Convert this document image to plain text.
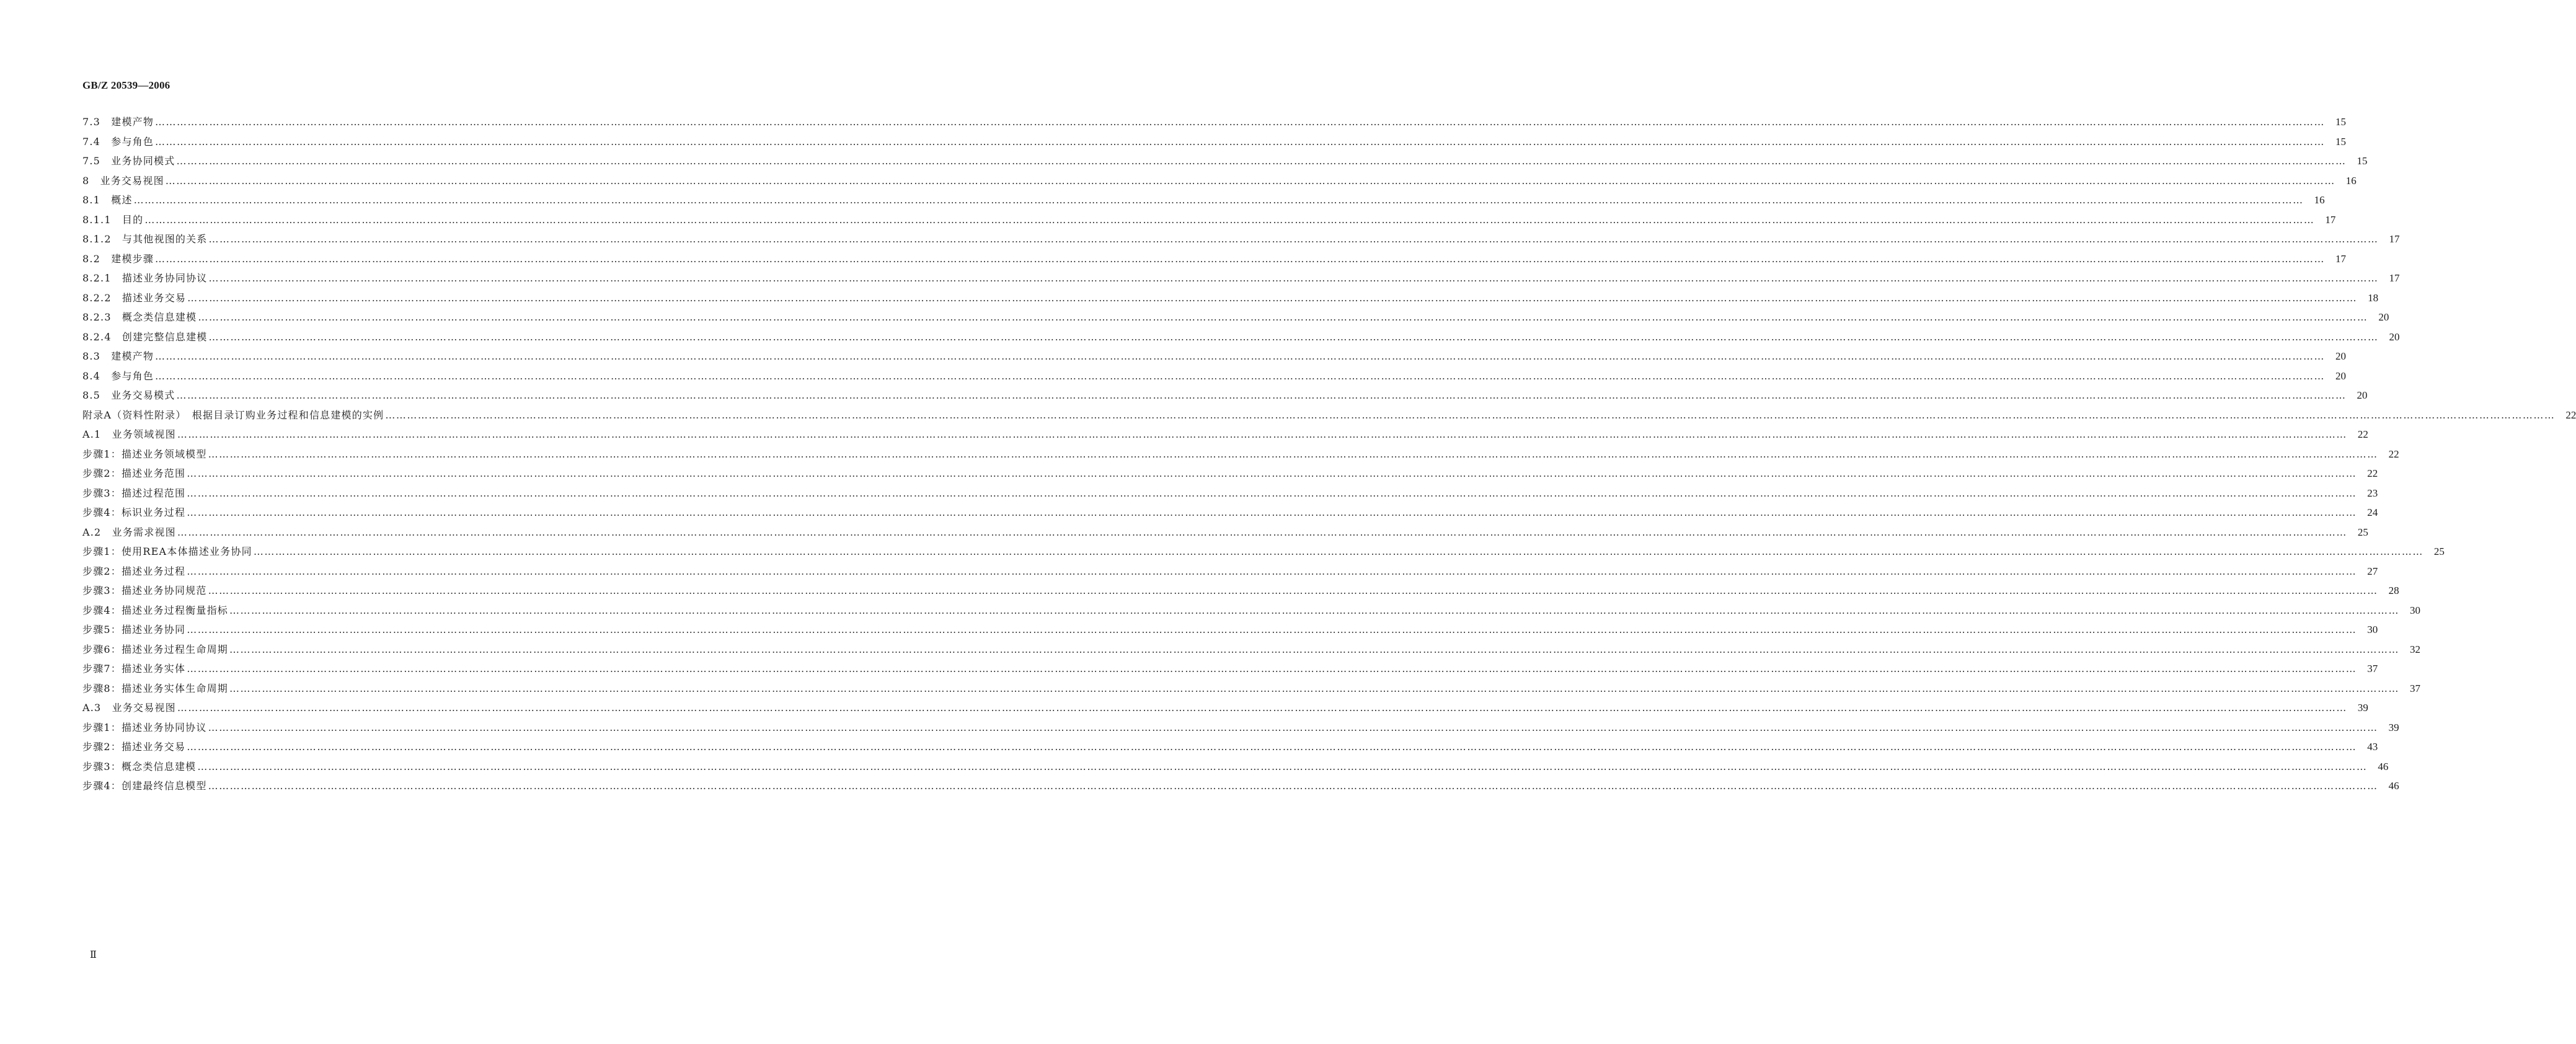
GB/Z 20539—2006
7.3　建模产物 ……………………………………………………………………………………………………………………………………………………………………………………………………………………………………………………………………………………………………………………………………………………………………………………………………………………………………………………………………………………………………………………………………………………	15
7.4　参与角色 ……………………………………………………………………………………………………………………………………………………………………………………………………………………………………………………………………………………………………………………………………………………………………………………………………………………………………………………………………………………………………………………………………………………	15
7.5　业务协同模式 ……………………………………………………………………………………………………………………………………………………………………………………………………………………………………………………………………………………………………………………………………………………………………………………………………………………………………………………………………………………………………………………………………………………	15
8　业务交易视图 ……………………………………………………………………………………………………………………………………………………………………………………………………………………………………………………………………………………………………………………………………………………………………………………………………………………………………………………………………………………………………………………………………………………	16
8.1　概述 ……………………………………………………………………………………………………………………………………………………………………………………………………………………………………………………………………………………………………………………………………………………………………………………………………………………………………………………………………………………………………………………………………………………	16
8.1.1　目的 ……………………………………………………………………………………………………………………………………………………………………………………………………………………………………………………………………………………………………………………………………………………………………………………………………………………………………………………………………………………………………………………………………………………	17
8.1.2　与其他视图的关系 ……………………………………………………………………………………………………………………………………………………………………………………………………………………………………………………………………………………………………………………………………………………………………………………………………………………………………………………………………………………………………………………………………………………	17
8.2　建模步骤 ……………………………………………………………………………………………………………………………………………………………………………………………………………………………………………………………………………………………………………………………………………………………………………………………………………………………………………………………………………………………………………………………………………………	17
8.2.1　描述业务协同协议 ……………………………………………………………………………………………………………………………………………………………………………………………………………………………………………………………………………………………………………………………………………………………………………………………………………………………………………………………………………………………………………………………………………………	17
8.2.2　描述业务交易 ……………………………………………………………………………………………………………………………………………………………………………………………………………………………………………………………………………………………………………………………………………………………………………………………………………………………………………………………………………………………………………………………………………………	18
8.2.3　概念类信息建模 ……………………………………………………………………………………………………………………………………………………………………………………………………………………………………………………………………………………………………………………………………………………………………………………………………………………………………………………………………………………………………………………………………………………	20
8.2.4　创建完整信息建模 ……………………………………………………………………………………………………………………………………………………………………………………………………………………………………………………………………………………………………………………………………………………………………………………………………………………………………………………………………………………………………………………………………………………	20
8.3　建模产物 ……………………………………………………………………………………………………………………………………………………………………………………………………………………………………………………………………………………………………………………………………………………………………………………………………………………………………………………………………………………………………………………………………………………	20
8.4　参与角色 ……………………………………………………………………………………………………………………………………………………………………………………………………………………………………………………………………………………………………………………………………………………………………………………………………………………………………………………………………………………………………………………………………………………	20
8.5　业务交易模式 ……………………………………………………………………………………………………………………………………………………………………………………………………………………………………………………………………………………………………………………………………………………………………………………………………………………………………………………………………………………………………………………………………………………	20
附录A（资料性附录）　根据目录订购业务过程和信息建模的实例 ……………………………………………………………………………………………………………………………………………………………………………………………………………………………………………………………………………………………………………………………………………………………………………………………………………………………………………………………………………………………………………………………………………………	22
A.1　业务领域视图 ……………………………………………………………………………………………………………………………………………………………………………………………………………………………………………………………………………………………………………………………………………………………………………………………………………………………………………………………………………………………………………………………………………………	22
步骤1：描述业务领域模型 ……………………………………………………………………………………………………………………………………………………………………………………………………………………………………………………………………………………………………………………………………………………………………………………………………………………………………………………………………………………………………………………………………………………	22
步骤2：描述业务范围 ……………………………………………………………………………………………………………………………………………………………………………………………………………………………………………………………………………………………………………………………………………………………………………………………………………………………………………………………………………………………………………………………………………………	22
步骤3：描述过程范围 ……………………………………………………………………………………………………………………………………………………………………………………………………………………………………………………………………………………………………………………………………………………………………………………………………………………………………………………………………………………………………………………………………………………	23
步骤4：标识业务过程 ……………………………………………………………………………………………………………………………………………………………………………………………………………………………………………………………………………………………………………………………………………………………………………………………………………………………………………………………………………………………………………………………………………………	24
A.2　业务需求视图 ……………………………………………………………………………………………………………………………………………………………………………………………………………………………………………………………………………………………………………………………………………………………………………………………………………………………………………………………………………………………………………………………………………………	25
步骤1：使用REA本体描述业务协同 ……………………………………………………………………………………………………………………………………………………………………………………………………………………………………………………………………………………………………………………………………………………………………………………………………………………………………………………………………………………………………………………………………………………	25
步骤2：描述业务过程 ……………………………………………………………………………………………………………………………………………………………………………………………………………………………………………………………………………………………………………………………………………………………………………………………………………………………………………………………………………………………………………………………………………………	27
步骤3：描述业务协同规范 ……………………………………………………………………………………………………………………………………………………………………………………………………………………………………………………………………………………………………………………………………………………………………………………………………………………………………………………………………………………………………………………………………………………	28
步骤4：描述业务过程衡量指标 ……………………………………………………………………………………………………………………………………………………………………………………………………………………………………………………………………………………………………………………………………………………………………………………………………………………………………………………………………………………………………………………………………………………	30
步骤5：描述业务协同 ……………………………………………………………………………………………………………………………………………………………………………………………………………………………………………………………………………………………………………………………………………………………………………………………………………………………………………………………………………………………………………………………………………………	30
步骤6：描述业务过程生命周期 ……………………………………………………………………………………………………………………………………………………………………………………………………………………………………………………………………………………………………………………………………………………………………………………………………………………………………………………………………………………………………………………………………………………	32
步骤7：描述业务实体 ……………………………………………………………………………………………………………………………………………………………………………………………………………………………………………………………………………………………………………………………………………………………………………………………………………………………………………………………………………………………………………………………………………………	37
步骤8：描述业务实体生命周期 ……………………………………………………………………………………………………………………………………………………………………………………………………………………………………………………………………………………………………………………………………………………………………………………………………………………………………………………………………………………………………………………………………………………	37
A.3　业务交易视图 ……………………………………………………………………………………………………………………………………………………………………………………………………………………………………………………………………………………………………………………………………………………………………………………………………………………………………………………………………………………………………………………………………………………	39
步骤1：描述业务协同协议 ……………………………………………………………………………………………………………………………………………………………………………………………………………………………………………………………………………………………………………………………………………………………………………………………………………………………………………………………………………………………………………………………………………………	39
步骤2：描述业务交易 ……………………………………………………………………………………………………………………………………………………………………………………………………………………………………………………………………………………………………………………………………………………………………………………………………………………………………………………………………………………………………………………………………………………	43
步骤3：概念类信息建模 ……………………………………………………………………………………………………………………………………………………………………………………………………………………………………………………………………………………………………………………………………………………………………………………………………………………………………………………………………………………………………………………………………………………	46
步骤4：创建最终信息模型 ……………………………………………………………………………………………………………………………………………………………………………………………………………………………………………………………………………………………………………………………………………………………………………………………………………………………………………………………………………………………………………………………………………………	46
Ⅱ
